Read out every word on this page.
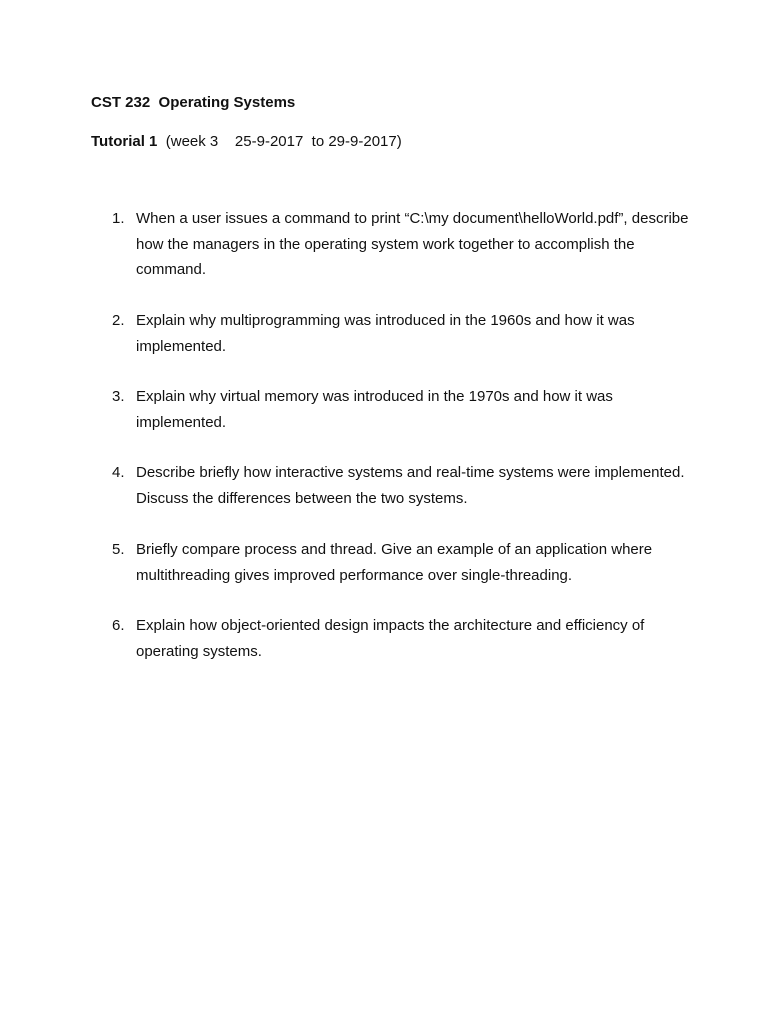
CST 232  Operating Systems

Tutorial 1  (week 3    25-9-2017  to 29-9-2017)

1. When a user issues a command to print “C:\my document\helloWorld.pdf”, describe how the managers in the operating system work together to accomplish the command.
2. Explain why multiprogramming was introduced in the 1960s and how it was implemented.
3. Explain why virtual memory was introduced in the 1970s and how it was implemented.
4. Describe briefly how interactive systems and real-time systems were implemented. Discuss the differences between the two systems.
5. Briefly compare process and thread. Give an example of an application where multithreading gives improved performance over single-threading.
6. Explain how object-oriented design impacts the architecture and efficiency of operating systems.
